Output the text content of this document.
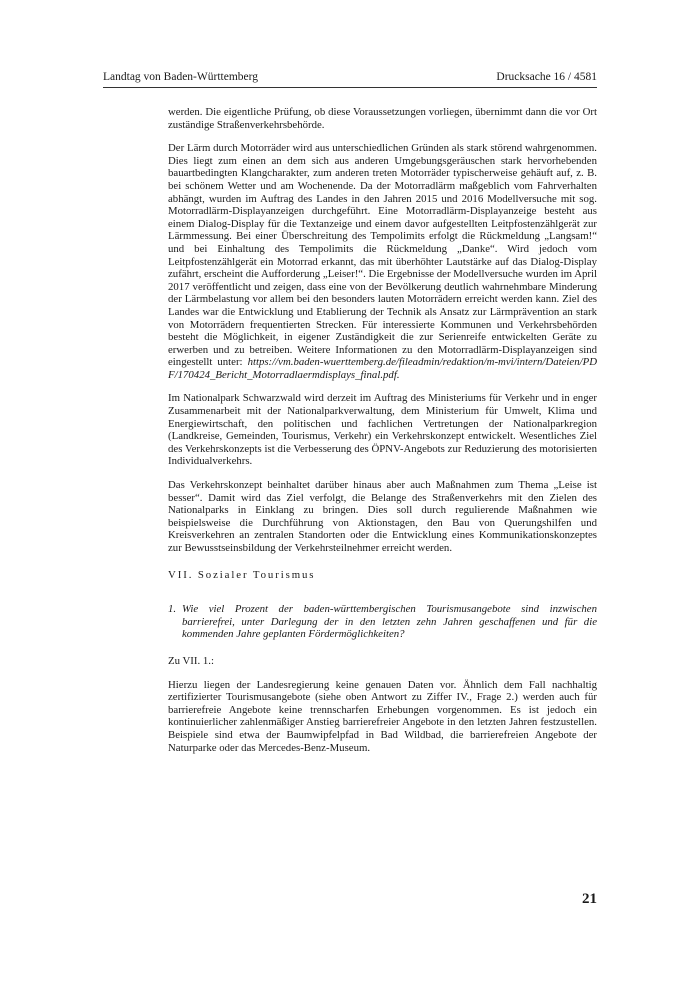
Landtag von Baden-Württemberg	Drucksache 16 / 4581

werden. Die eigentliche Prüfung, ob diese Voraussetzungen vorliegen, übernimmt dann die vor Ort zuständige Straßenverkehrsbehörde.

Der Lärm durch Motorräder wird aus unterschiedlichen Gründen als stark störend wahrgenommen. Dies liegt zum einen an dem sich aus anderen Umgebungsgeräuschen stark hervorhebenden bauartbedingten Klangcharakter, zum anderen treten Motorräder typischerweise gehäuft auf, z. B. bei schönem Wetter und am Wochenende. Da der Motorradlärm maßgeblich vom Fahrverhalten abhängt, wurden im Auftrag des Landes in den Jahren 2015 und 2016 Modellversuche mit sog. Motorradlärm-Displayanzeigen durchgeführt. Eine Motorradlärm-Displayanzeige besteht aus einem Dialog-Display für die Textanzeige und einem davor aufgestellten Leitpfostenzählgerät zur Lärmmessung. Bei einer Überschreitung des Tempolimits erfolgt die Rückmeldung „Langsam!“ und bei Einhaltung des Tempolimits die Rückmeldung „Danke“. Wird jedoch vom Leitpfostenzählgerät ein Motorrad erkannt, das mit überhöhter Lautstärke auf das Dialog-Display zufährt, erscheint die Aufforderung „Leiser!“. Die Ergebnisse der Modellversuche wurden im April 2017 veröffentlicht und zeigen, dass eine von der Bevölkerung deutlich wahrnehmbare Minderung der Lärmbelastung vor allem bei den besonders lauten Motorrädern erreicht werden kann. Ziel des Landes war die Entwicklung und Etablierung der Technik als Ansatz zur Lärmprävention an stark von Motorrädern frequentierten Strecken. Für interessierte Kommunen und Verkehrsbehörden besteht die Möglichkeit, in eigener Zuständigkeit die zur Serienreife entwickelten Geräte zu erwerben und zu betreiben. Weitere Informationen zu den Motorradlärm-Displayanzeigen sind eingestellt unter: https://vm.baden-wuerttemberg.de/fileadmin/redaktion/m-mvi/intern/Dateien/PDF/170424_Bericht_Motorradlaermdisplays_final.pdf.

Im Nationalpark Schwarzwald wird derzeit im Auftrag des Ministeriums für Verkehr und in enger Zusammenarbeit mit der Nationalparkverwaltung, dem Ministerium für Umwelt, Klima und Energiewirtschaft, den politischen und fachlichen Vertretungen der Nationalparkregion (Landkreise, Gemeinden, Tourismus, Verkehr) ein Verkehrskonzept entwickelt. Wesentliches Ziel des Verkehrskonzepts ist die Verbesserung des ÖPNV-Angebots zur Reduzierung des motorisierten Individualverkehrs.

Das Verkehrskonzept beinhaltet darüber hinaus aber auch Maßnahmen zum Thema „Leise ist besser“. Damit wird das Ziel verfolgt, die Belange des Straßenverkehrs mit den Zielen des Nationalparks in Einklang zu bringen. Dies soll durch regulierende Maßnahmen wie beispielsweise die Durchführung von Aktionstagen, den Bau von Querungshilfen und Kreisverkehren an zentralen Standorten oder die Entwicklung eines Kommunikationskonzeptes zur Bewusstseinsbildung der Verkehrsteilnehmer erreicht werden.

VII. Sozialer Tourismus
1. Wie viel Prozent der baden-württembergischen Tourismusangebote sind inzwischen barrierefrei, unter Darlegung der in den letzten zehn Jahren geschaffenen und für die kommenden Jahre geplanten Fördermöglichkeiten?

Zu VII. 1.:

Hierzu liegen der Landesregierung keine genauen Daten vor. Ähnlich dem Fall nachhaltig zertifizierter Tourismusangebote (siehe oben Antwort zu Ziffer IV., Frage 2.) werden auch für barrierefreie Angebote keine trennscharfen Erhebungen vorgenommen. Es ist jedoch ein kontinuierlicher zahlenmäßiger Anstieg barrierefreier Angebote in den letzten Jahren festzustellen. Beispiele sind etwa der Baumwipfelpfad in Bad Wildbad, die barrierefreien Angebote der Naturparke oder das Mercedes-Benz-Museum.

21
